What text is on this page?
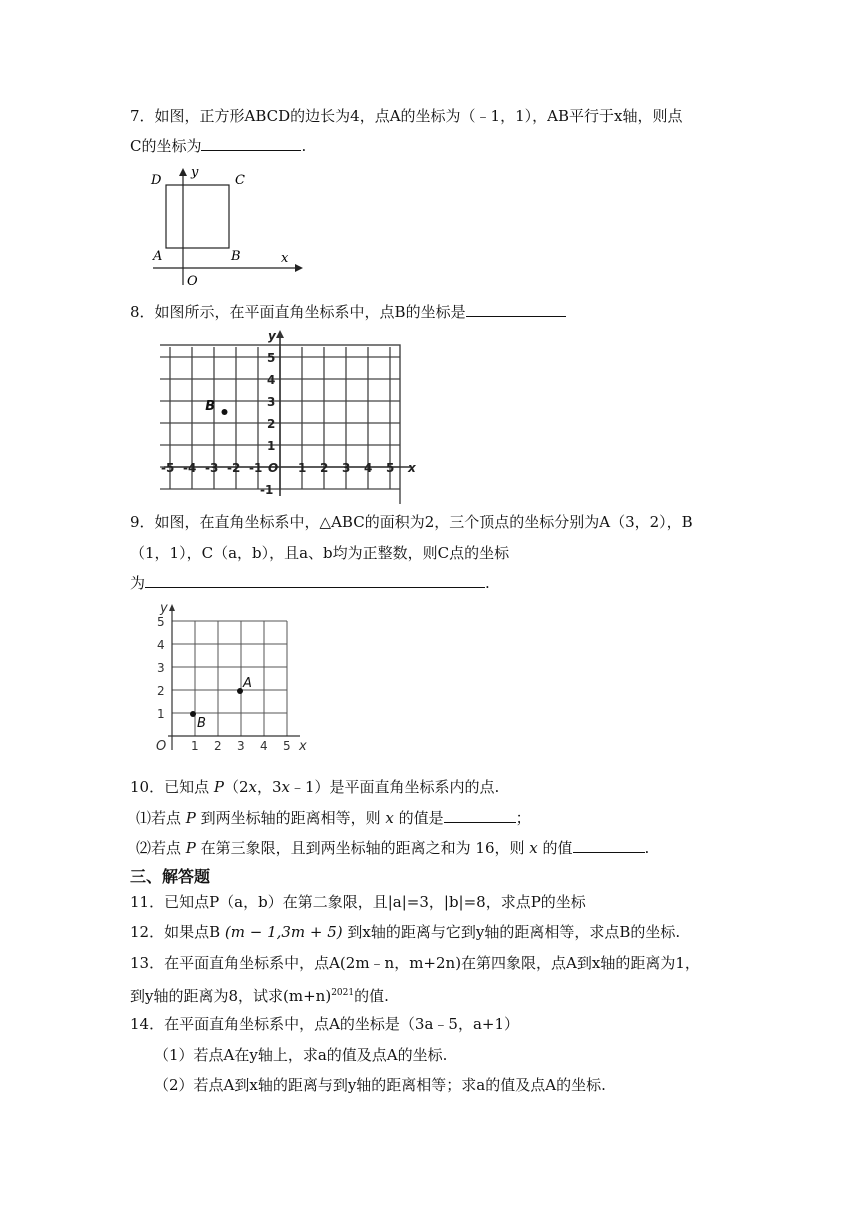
7．如图，正方形ABCD的边长为4，点A的坐标为（﹣1，1），AB平行于x轴，则点
C的坐标为	.
D	C
A	B
O
x
y
8．如图所示，在平面直角坐标系中，点B的坐标是
-5 -4 -3 -2 -1	1 2 3 4 5
5
4
3
2
1
-1
O	x
y
B
9．如图，在直角坐标系中，△ABC的面积为2，三个顶点的坐标分别为A（3，2），B
（1，1），C（a，b），且a、b均为正整数，则C点的坐标
为	.
1 2 3 4 5
1
2
3
4
5
O	x
y
A
B
10．已知点 P（2x，3x﹣1）是平面直角坐标系内的点.
⑴若点 P 到两坐标轴的距离相等，则 x 的值是	；
⑵若点 P 在第三象限，且到两坐标轴的距离之和为 16，则 x 的值	.
三、解答题
11．已知点P（a，b）在第二象限，且|a|=3，|b|=8，求点P的坐标
12．如果点B (m − 1,3m + 5) 到x轴的距离与它到y轴的距离相等，求点B的坐标.
13．在平面直角坐标系中，点A(2m﹣n，m+2n)在第四象限，点A到x轴的距离为1，
到y轴的距离为8，试求$(m+n)^{2021}$的值.
14．在平面直角坐标系中，点A的坐标是（3a﹣5，a+1）
（1）若点A在y轴上，求a的值及点A的坐标.
（2）若点A到x轴的距离与到y轴的距离相等；求a的值及点A的坐标.
